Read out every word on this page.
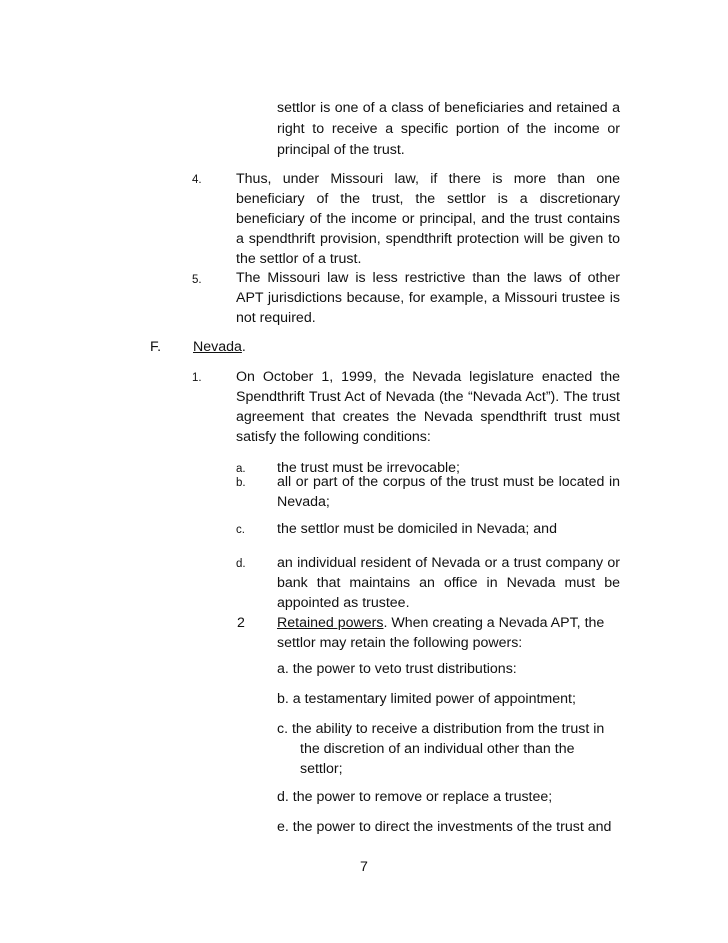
settlor is one of a class of beneficiaries and retained a
right to receive a specific portion of the income or
principal of the trust.
4. Thus, under Missouri law, if there is more than one
beneficiary of the trust, the settlor is a discretionary
beneficiary of the income or principal, and the trust contains
a spendthrift provision, spendthrift protection will be given to
the settlor of a trust.
5. The Missouri law is less restrictive than the laws of other
APT jurisdictions because, for example, a Missouri trustee is
not required.
F. Nevada.
1. On October 1, 1999, the Nevada legislature enacted the
Spendthrift Trust Act of Nevada (the “Nevada Act”). The trust
agreement that creates the Nevada spendthrift trust must
satisfy the following conditions:
a. the trust must be irrevocable;
b. all or part of the corpus of the trust must be located in
Nevada;
c. the settlor must be domiciled in Nevada; and
d. an individual resident of Nevada or a trust company or
bank that maintains an office in Nevada must be
appointed as trustee.
2 Retained powers. When creating a Nevada APT, the
settlor may retain the following powers:
a. the power to veto trust distributions:
b. a testamentary limited power of appointment;
c. the ability to receive a distribution from the trust in
the discretion of an individual other than the
settlor;
d. the power to remove or replace a trustee;
e. the power to direct the investments of the trust and
7
